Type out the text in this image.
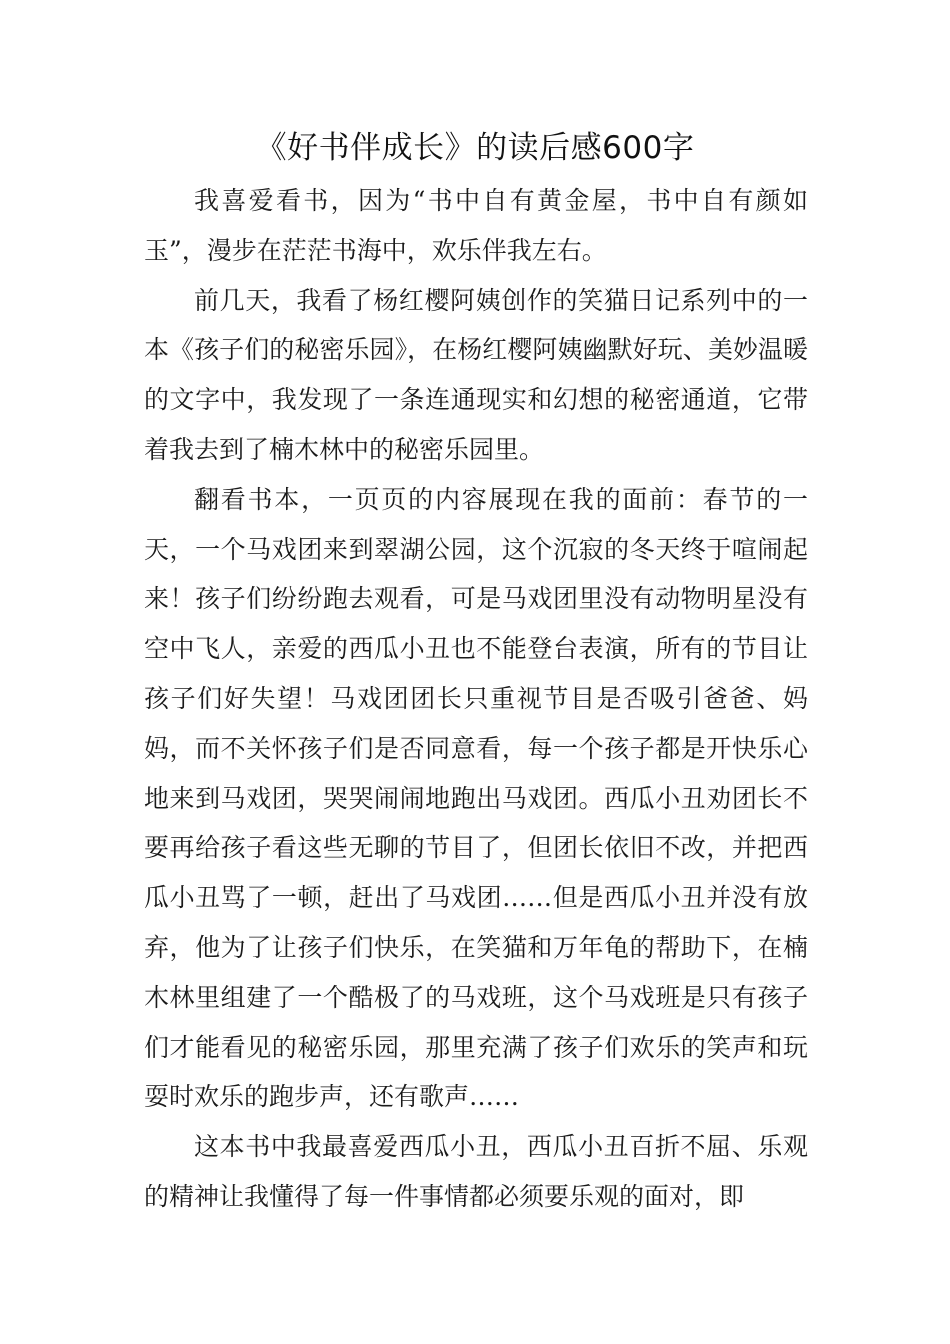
《好书伴成长》的读后感600字

我喜爱看书，因为“书中自有黄金屋，书中自有颜如玉”，漫步在茫茫书海中，欢乐伴我左右。

前几天，我看了杨红樱阿姨创作的笑猫日记系列中的一本《孩子们的秘密乐园》，在杨红樱阿姨幽默好玩、美妙温暖的文字中，我发现了一条连通现实和幻想的秘密通道，它带着我去到了楠木林中的秘密乐园里。

翻看书本，一页页的内容展现在我的面前：春节的一天，一个马戏团来到翠湖公园，这个沉寂的冬天终于喧闹起来！孩子们纷纷跑去观看，可是马戏团里没有动物明星没有空中飞人，亲爱的西瓜小丑也不能登台表演，所有的节目让孩子们好失望！马戏团团长只重视节目是否吸引爸爸、妈妈，而不关怀孩子们是否同意看，每一个孩子都是开快乐心地来到马戏团，哭哭闹闹地跑出马戏团。西瓜小丑劝团长不要再给孩子看这些无聊的节目了，但团长依旧不改，并把西瓜小丑骂了一顿，赶出了马戏团……但是西瓜小丑并没有放弃，他为了让孩子们快乐，在笑猫和万年龟的帮助下，在楠木林里组建了一个酷极了的马戏班，这个马戏班是只有孩子们才能看见的秘密乐园，那里充满了孩子们欢乐的笑声和玩耍时欢乐的跑步声，还有歌声……

这本书中我最喜爱西瓜小丑，西瓜小丑百折不屈、乐观的精神让我懂得了每一件事情都必须要乐观的面对，即
